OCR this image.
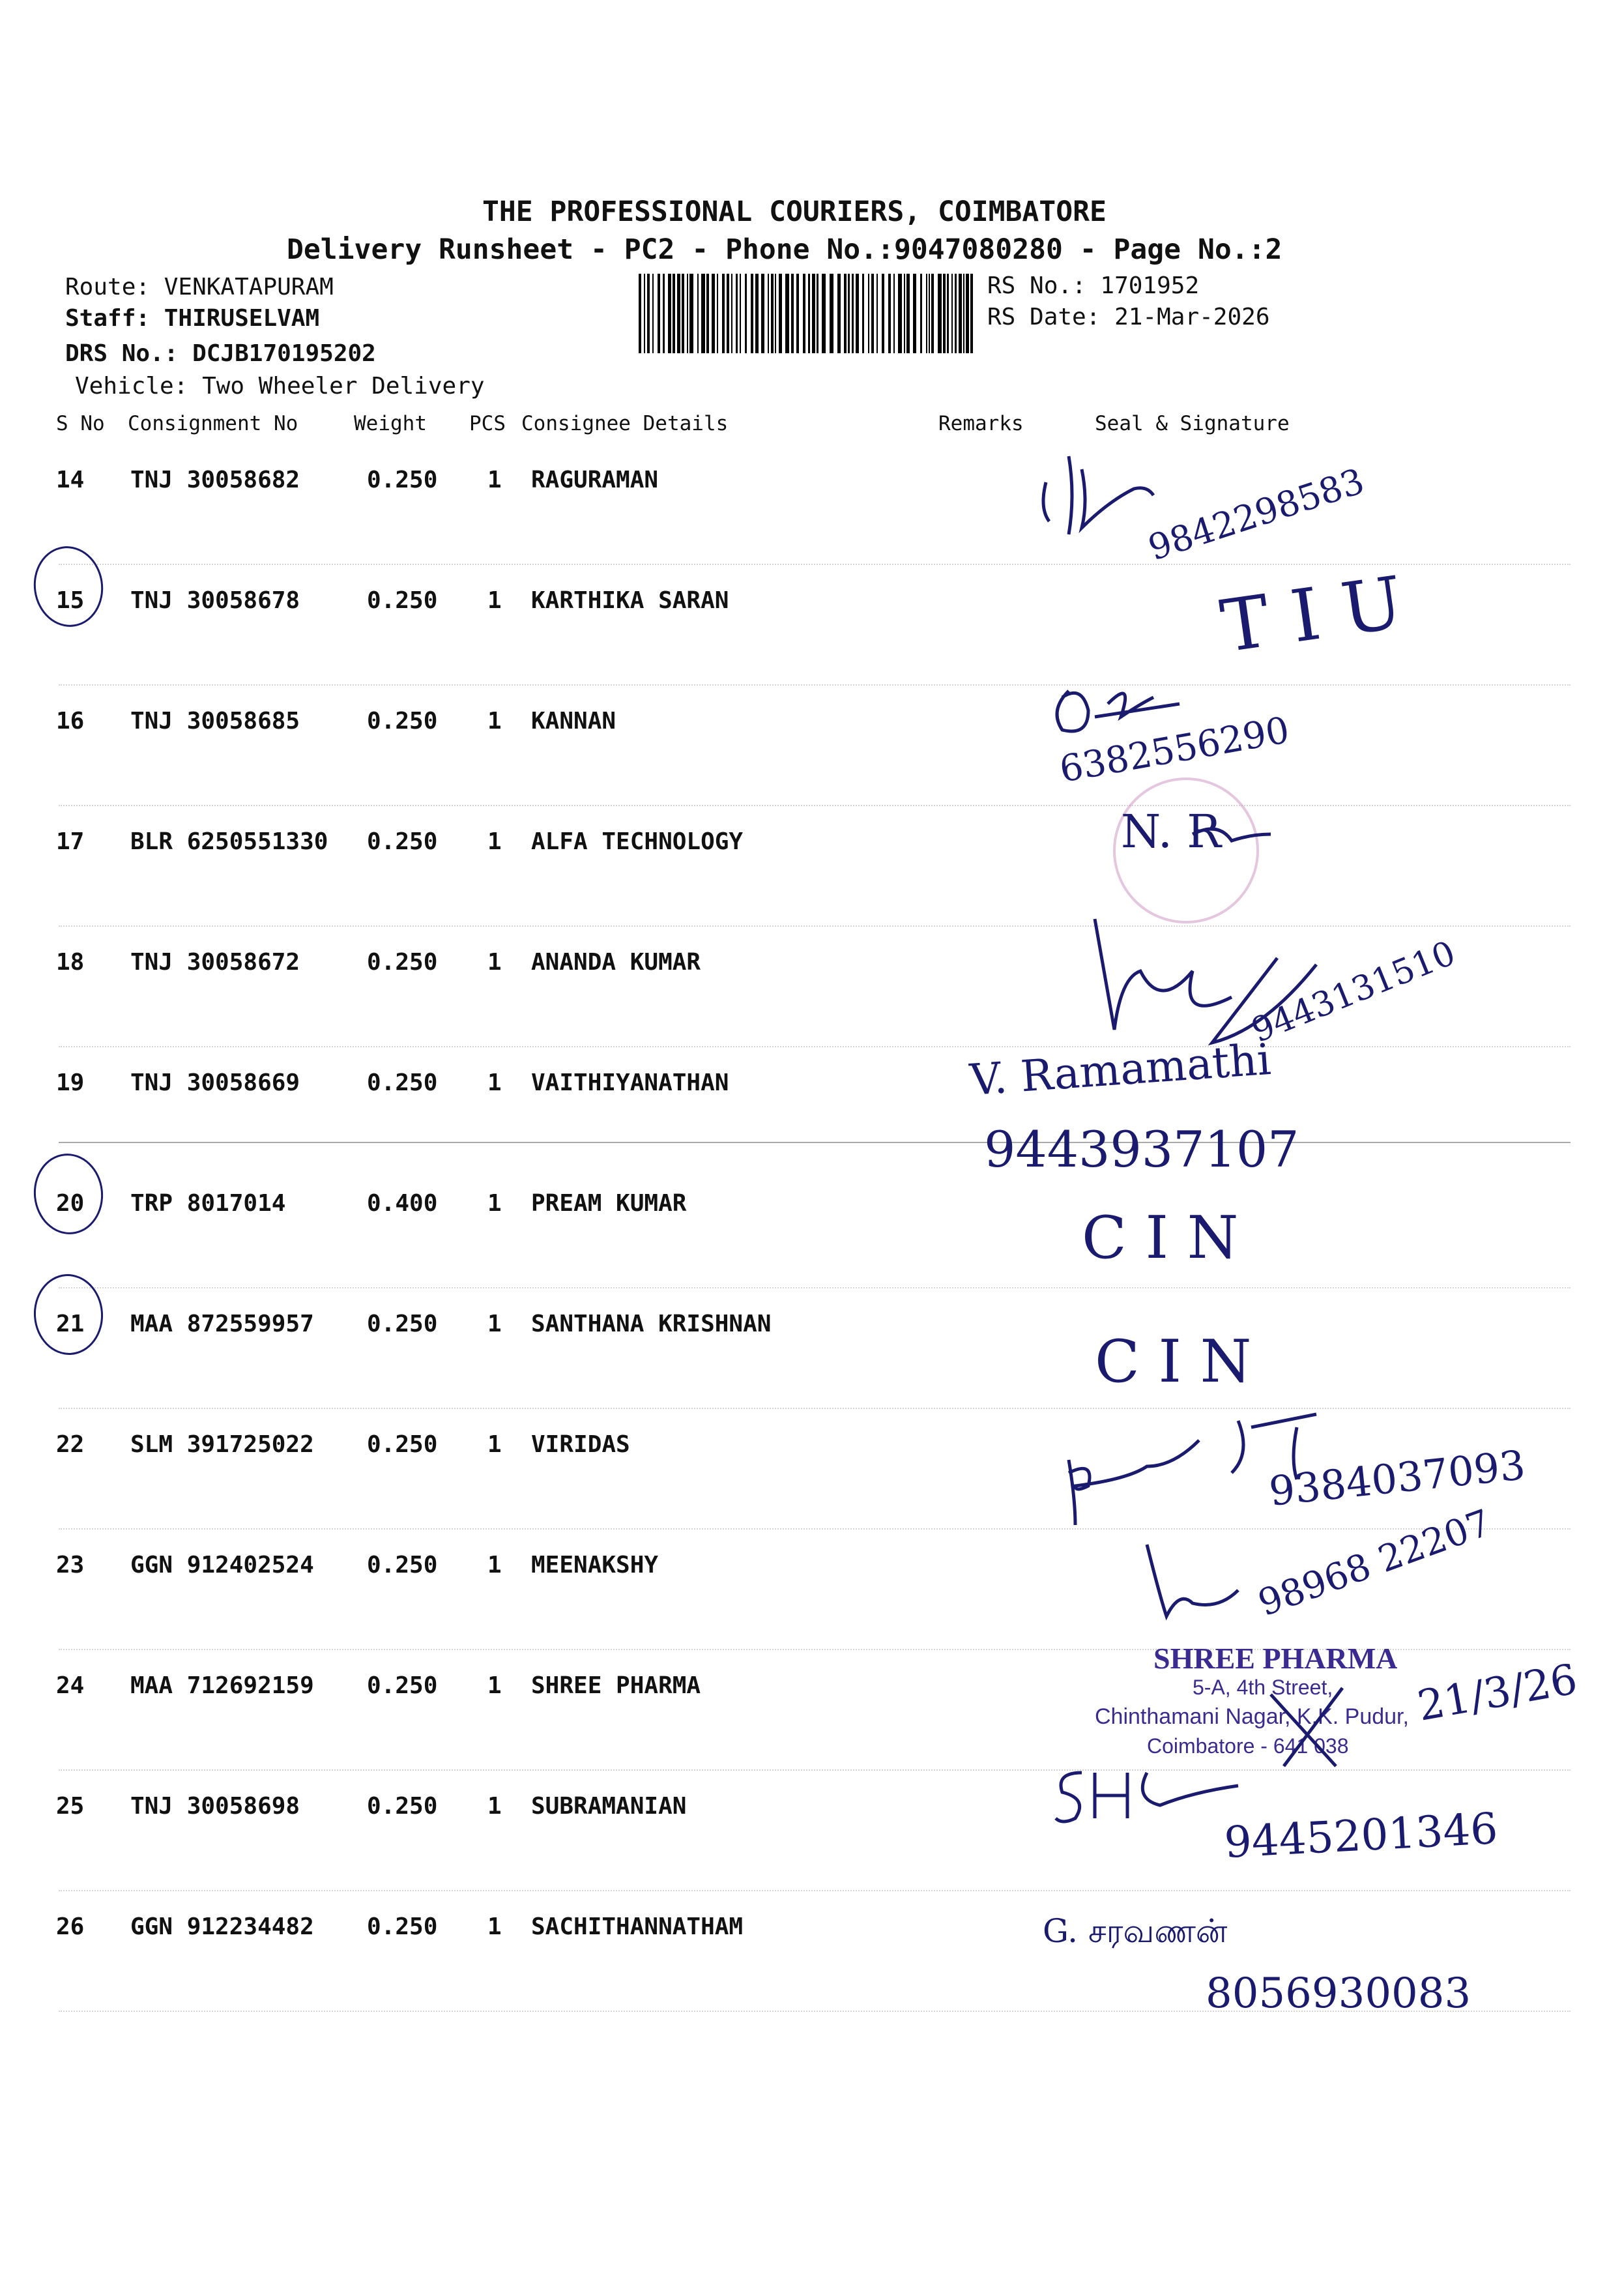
THE PROFESSIONAL COURIERS, COIMBATORE
Delivery Runsheet - PC2 - Phone No.:9047080280 - Page No.:2
Route: VENKATAPURAM
Staff: THIRUSELVAM
DRS No.: DCJB170195202
Vehicle: Two Wheeler Delivery
RS No.: 1701952
RS Date: 21-Mar-2026
S No Consignment No	Weight PCS Consignee Details	Remarks	Seal & Signature
14 TNJ 30058682	0.250 1 RAGURAMAN
15 TNJ 30058678	0.250 1 KARTHIKA SARAN
16 TNJ 30058685	0.250 1 KANNAN
17 BLR 6250551330 0.250 1 ALFA TECHNOLOGY
18 TNJ 30058672	0.250 1 ANANDA KUMAR
19 TNJ 30058669	0.250 1 VAITHIYANATHAN
20 TRP 8017014	0.400 1 PREAM KUMAR
21 MAA 872559957 0.250 1 SANTHANA KRISHNAN
22 SLM 391725022 0.250 1 VIRIDAS
23 GGN 912402524 0.250 1 MEENAKSHY
24 MAA 712692159 0.250 1 SHREE PHARMA
25 TNJ 30058698	0.250 1 SUBRAMANIAN
26 GGN 912234482 0.250 1 SACHITHANNATHAM
9842298583
T I U
6382556290
N. R
9443131510
V. Ramamathi
9443937107
C I N
C I N
9384037093
98968 22207
SHREE PHARMA
5-A, 4th Street,
Chinthamani Nagar, K.K. Pudur,
Coimbatore - 641 038
21/3/26
9445201346
G. சரவணன்
8056930083
